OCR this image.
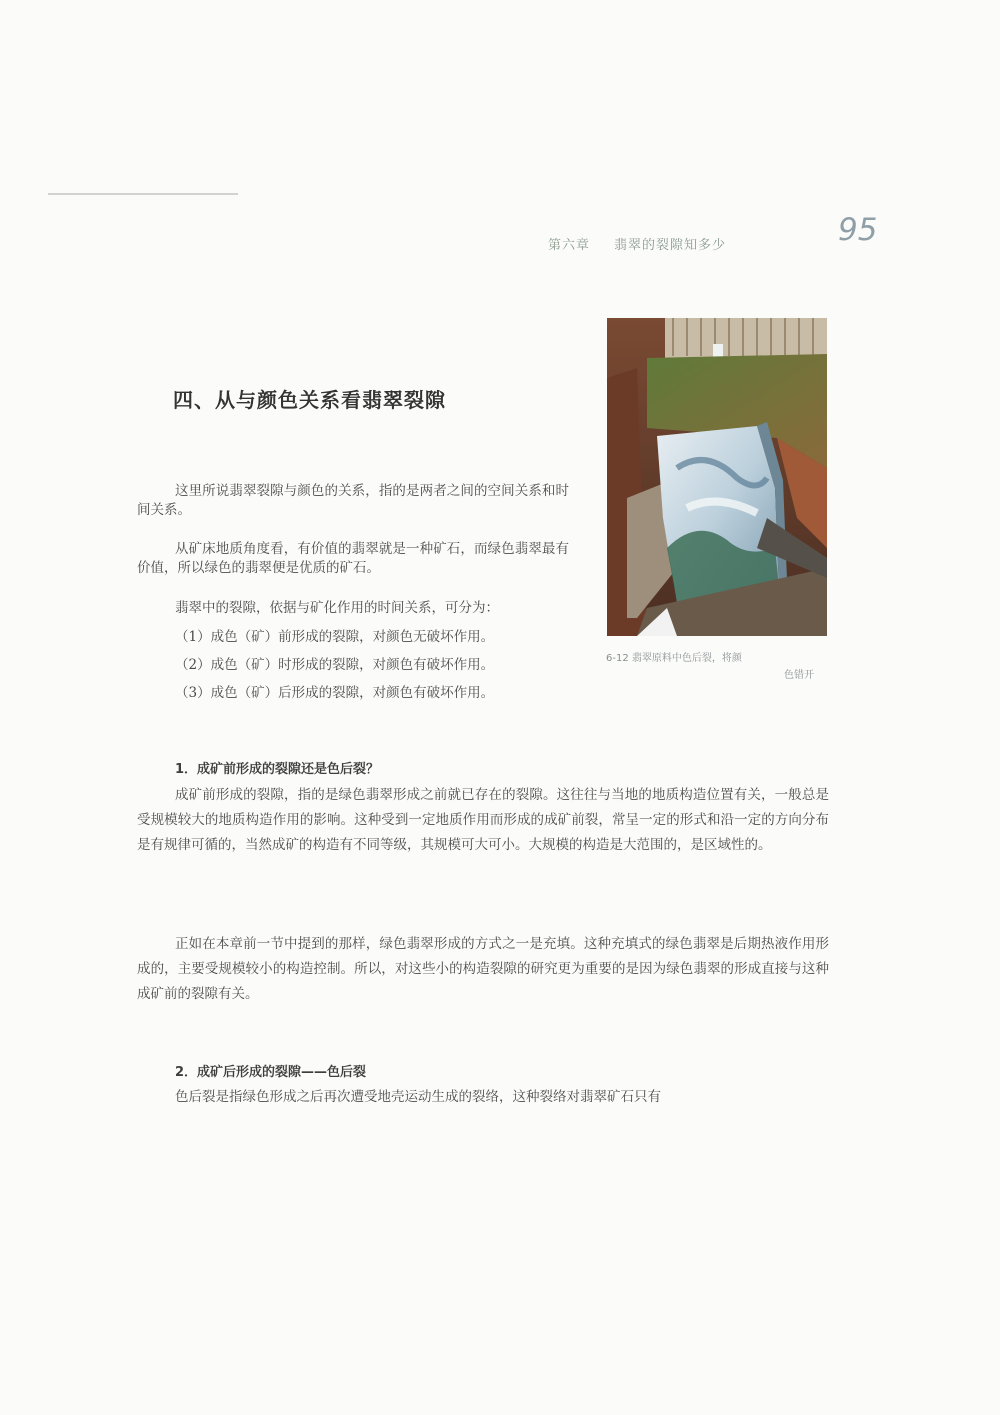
第六章 翡翠的裂隙知多少	95
四、从与颜色关系看翡翠裂隙
6-12 翡翠原料中色后裂，将颜
色错开

这里所说翡翠裂隙与颜色的关系，指的是两者之间的空间关系和时间关系。

从矿床地质角度看，有价值的翡翠就是一种矿石，而绿色翡翠最有价值，所以绿色的翡翠便是优质的矿石。

翡翠中的裂隙，依据与矿化作用的时间关系，可分为：

（1）成色（矿）前形成的裂隙，对颜色无破坏作用。

（2）成色（矿）时形成的裂隙，对颜色有破坏作用。

（3）成色（矿）后形成的裂隙，对颜色有破坏作用。

1．成矿前形成的裂隙还是色后裂？

成矿前形成的裂隙，指的是绿色翡翠形成之前就已存在的裂隙。这往往与当地的地质构造位置有关，一般总是受规模较大的地质构造作用的影响。这种受到一定地质作用而形成的成矿前裂，常呈一定的形式和沿一定的方向分布是有规律可循的，当然成矿的构造有不同等级，其规模可大可小。大规模的构造是大范围的，是区域性的。

正如在本章前一节中提到的那样，绿色翡翠形成的方式之一是充填。这种充填式的绿色翡翠是后期热液作用形成的，主要受规模较小的构造控制。所以，对这些小的构造裂隙的研究更为重要的是因为绿色翡翠的形成直接与这种成矿前的裂隙有关。

2．成矿后形成的裂隙——色后裂

色后裂是指绿色形成之后再次遭受地壳运动生成的裂络，这种裂络对翡翠矿石只有
